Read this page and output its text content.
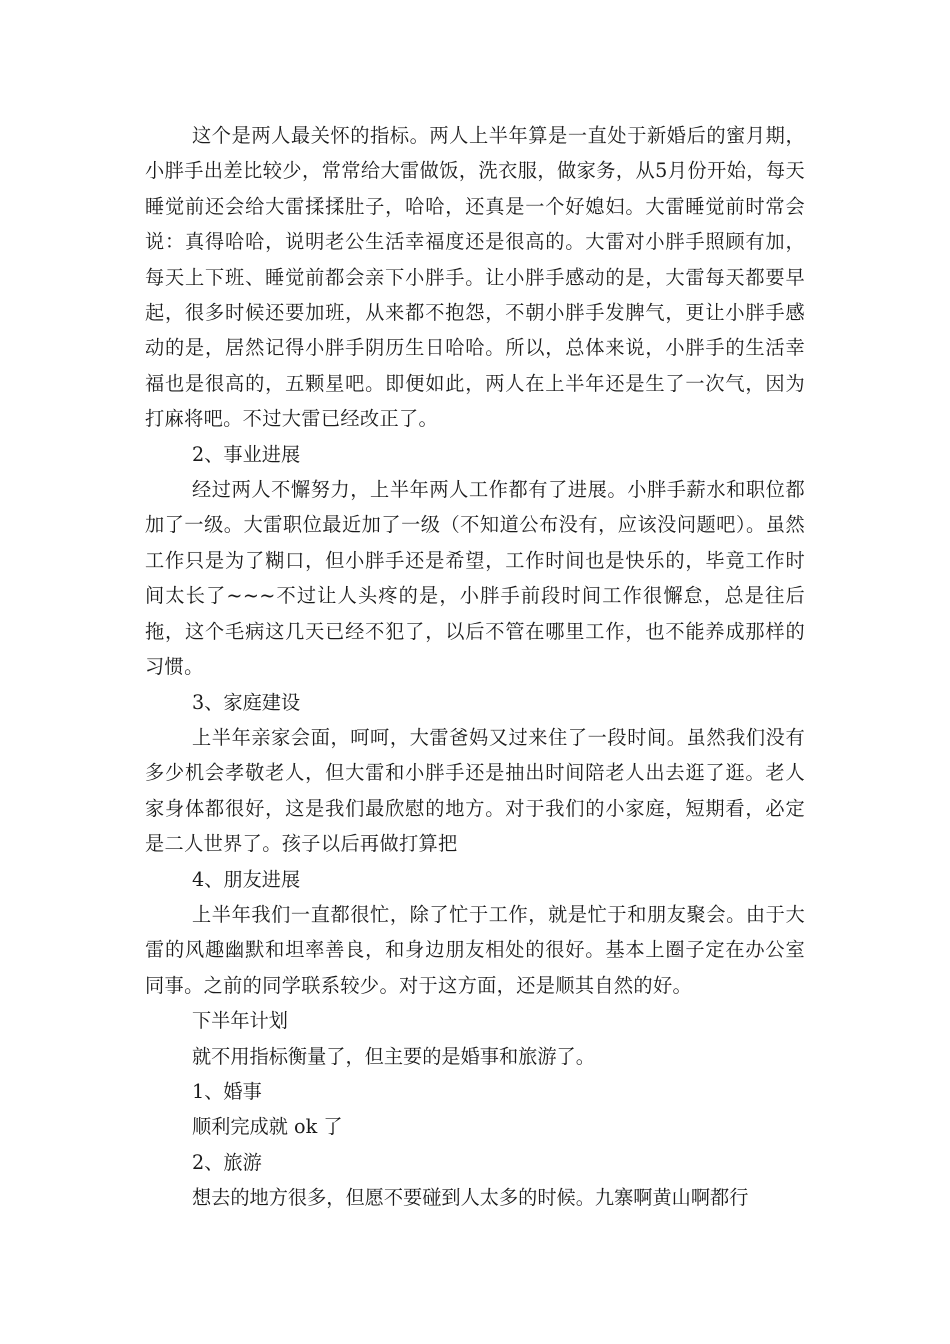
这个是两人最关怀的指标。两人上半年算是一直处于新婚后的蜜月期，小胖手出差比较少，常常给大雷做饭，洗衣服，做家务，从5月份开始，每天睡觉前还会给大雷揉揉肚子，哈哈，还真是一个好媳妇。大雷睡觉前时常会说：真得哈哈，说明老公生活幸福度还是很高的。大雷对小胖手照顾有加，每天上下班、睡觉前都会亲下小胖手。让小胖手感动的是，大雷每天都要早起，很多时候还要加班，从来都不抱怨，不朝小胖手发脾气，更让小胖手感动的是，居然记得小胖手阴历生日哈哈。所以，总体来说，小胖手的生活幸福也是很高的，五颗星吧。即便如此，两人在上半年还是生了一次气，因为打麻将吧。不过大雷已经改正了。

2、事业进展

经过两人不懈努力，上半年两人工作都有了进展。小胖手薪水和职位都加了一级。大雷职位最近加了一级（不知道公布没有，应该没问题吧）。虽然工作只是为了糊口，但小胖手还是希望，工作时间也是快乐的，毕竟工作时间太长了~~~不过让人头疼的是，小胖手前段时间工作很懈怠，总是往后拖，这个毛病这几天已经不犯了，以后不管在哪里工作，也不能养成那样的习惯。

3、家庭建设

上半年亲家会面，呵呵，大雷爸妈又过来住了一段时间。虽然我们没有多少机会孝敬老人，但大雷和小胖手还是抽出时间陪老人出去逛了逛。老人家身体都很好，这是我们最欣慰的地方。对于我们的小家庭，短期看，必定是二人世界了。孩子以后再做打算把

4、朋友进展

上半年我们一直都很忙，除了忙于工作，就是忙于和朋友聚会。由于大雷的风趣幽默和坦率善良，和身边朋友相处的很好。基本上圈子定在办公室同事。之前的同学联系较少。对于这方面，还是顺其自然的好。

下半年计划

就不用指标衡量了，但主要的是婚事和旅游了。

1、婚事

顺利完成就 ok 了

2、旅游

想去的地方很多，但愿不要碰到人太多的时候。九寨啊黄山啊都行
